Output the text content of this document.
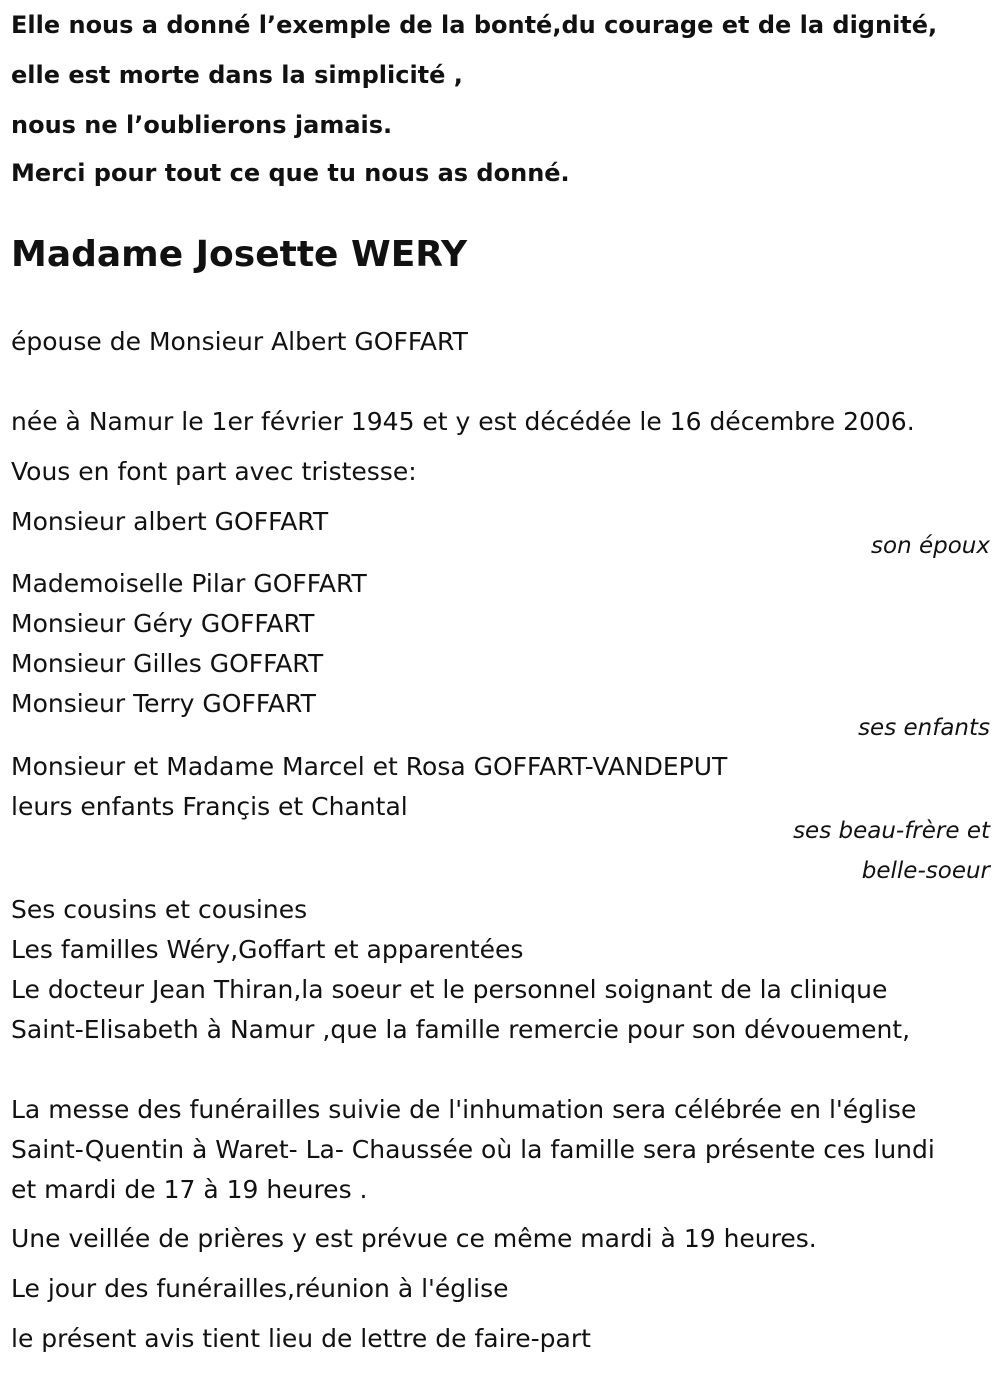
Elle nous a donné l’exemple de la bonté,du courage et de la dignité,
elle est morte dans la simplicité ,
nous ne l’oublierons jamais.
Merci pour tout ce que tu nous as donné.
Madame Josette WERY
épouse de Monsieur Albert GOFFART
née à Namur le 1er février 1945 et y est décédée le 16 décembre 2006.
Vous en font part avec tristesse:
Monsieur albert GOFFART
son époux
Mademoiselle Pilar GOFFART
Monsieur Géry GOFFART
Monsieur Gilles GOFFART
Monsieur Terry GOFFART
ses enfants
Monsieur et Madame Marcel et Rosa GOFFART-VANDEPUT
leurs enfants Françis et Chantal
ses beau-frère et
belle-soeur
Ses cousins et cousines
Les familles Wéry,Goffart et apparentées
Le docteur Jean Thiran,la soeur et le personnel soignant de la clinique
Saint-Elisabeth à Namur ,que la famille remercie pour son dévouement,
La messe des funérailles suivie de l'inhumation sera célébrée en l'église
Saint-Quentin à Waret- La- Chaussée où la famille sera présente ces lundi
et mardi de 17 à 19 heures .
Une veillée de prières y est prévue ce même mardi à 19 heures.
Le jour des funérailles,réunion à l'église
le présent avis tient lieu de lettre de faire-part
